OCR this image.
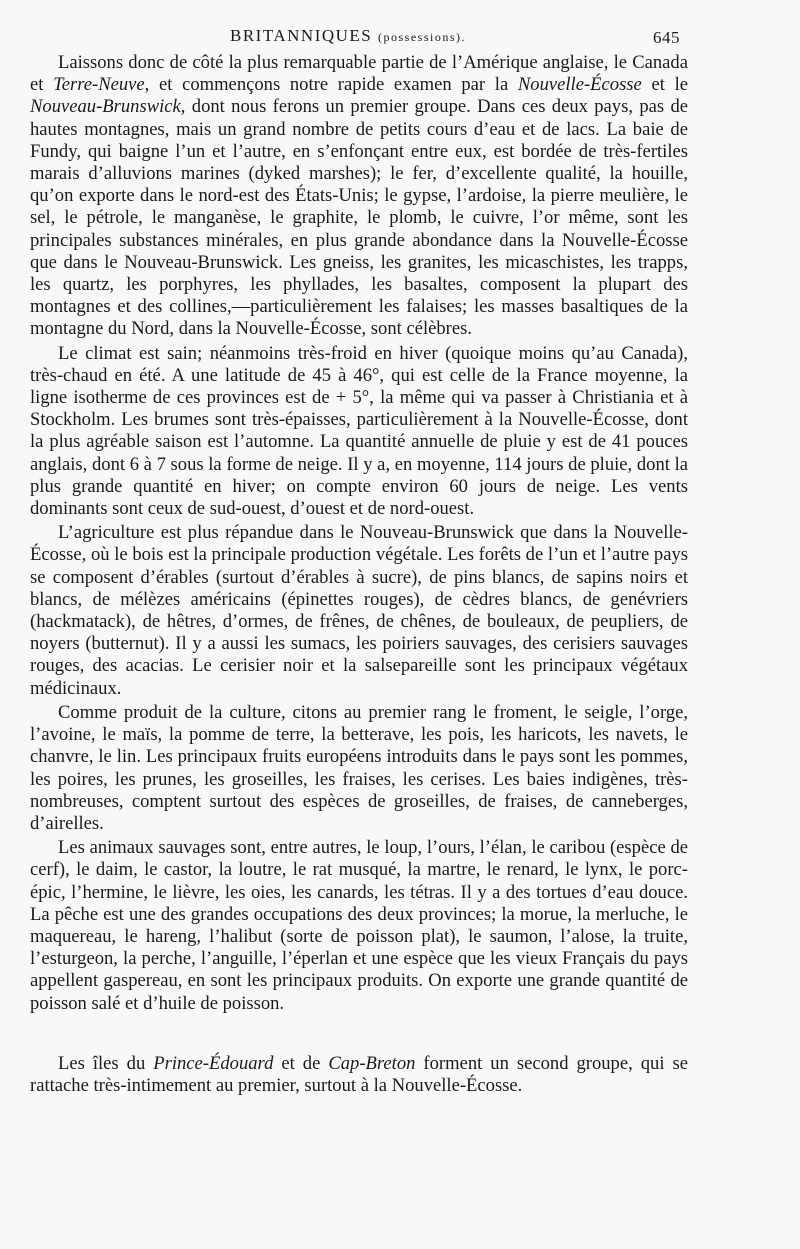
BRITANNIQUES (possessions).	645

Laissons donc de côté la plus remarquable partie de l’Amérique anglaise, le Canada et Terre-Neuve, et commençons notre rapide examen par la Nouvelle-Écosse et le Nouveau-Brunswick, dont nous ferons un premier groupe. Dans ces deux pays, pas de hautes montagnes, mais un grand nombre de petits cours d’eau et de lacs. La baie de Fundy, qui baigne l’un et l’autre, en s’enfonçant entre eux, est bordée de très-fertiles marais d’alluvions marines (dyked marshes); le fer, d’excellente qualité, la houille, qu’on exporte dans le nord-est des États-Unis; le gypse, l’ardoise, la pierre meulière, le sel, le pétrole, le manganèse, le graphite, le plomb, le cuivre, l’or même, sont les principales substances minérales, en plus grande abondance dans la Nouvelle-Écosse que dans le Nouveau-Brunswick. Les gneiss, les granites, les micaschistes, les trapps, les quartz, les porphyres, les phyllades, les basaltes, composent la plupart des montagnes et des collines,—particulièrement les falaises; les masses basaltiques de la montagne du Nord, dans la Nouvelle-Écosse, sont célèbres.

Le climat est sain; néanmoins très-froid en hiver (quoique moins qu’au Canada), très-chaud en été. A une latitude de 45 à 46°, qui est celle de la France moyenne, la ligne isotherme de ces provinces est de + 5°, la même qui va passer à Christiania et à Stockholm. Les brumes sont très-épaisses, particulièrement à la Nouvelle-Écosse, dont la plus agréable saison est l’automne. La quantité annuelle de pluie y est de 41 pouces anglais, dont 6 à 7 sous la forme de neige. Il y a, en moyenne, 114 jours de pluie, dont la plus grande quantité en hiver; on compte environ 60 jours de neige. Les vents dominants sont ceux de sud-ouest, d’ouest et de nord-ouest.

L’agriculture est plus répandue dans le Nouveau-Brunswick que dans la Nouvelle-Écosse, où le bois est la principale production végétale. Les forêts de l’un et l’autre pays se composent d’érables (surtout d’érables à sucre), de pins blancs, de sapins noirs et blancs, de mélèzes américains (épinettes rouges), de cèdres blancs, de genévriers (hackmatack), de hêtres, d’ormes, de frênes, de chênes, de bouleaux, de peupliers, de noyers (butternut). Il y a aussi les sumacs, les poiriers sauvages, des cerisiers sauvages rouges, des acacias. Le cerisier noir et la salsepareille sont les principaux végétaux médicinaux.

Comme produit de la culture, citons au premier rang le froment, le seigle, l’orge, l’avoine, le maïs, la pomme de terre, la betterave, les pois, les haricots, les navets, le chanvre, le lin. Les principaux fruits européens introduits dans le pays sont les pommes, les poires, les prunes, les groseilles, les fraises, les cerises. Les baies indigènes, très-nombreuses, comptent surtout des espèces de groseilles, de fraises, de canneberges, d’airelles.

Les animaux sauvages sont, entre autres, le loup, l’ours, l’élan, le caribou (espèce de cerf), le daim, le castor, la loutre, le rat musqué, la martre, le renard, le lynx, le porc-épic, l’hermine, le lièvre, les oies, les canards, les tétras. Il y a des tortues d’eau douce. La pêche est une des grandes occupations des deux provinces; la morue, la merluche, le maquereau, le hareng, l’halibut (sorte de poisson plat), le saumon, l’alose, la truite, l’esturgeon, la perche, l’anguille, l’éperlan et une espèce que les vieux Français du pays appellent gaspereau, en sont les principaux produits. On exporte une grande quantité de poisson salé et d’huile de poisson.

Les îles du Prince-Édouard et de Cap-Breton forment un second groupe, qui se rattache très-intimement au premier, surtout à la Nouvelle-Écosse.
